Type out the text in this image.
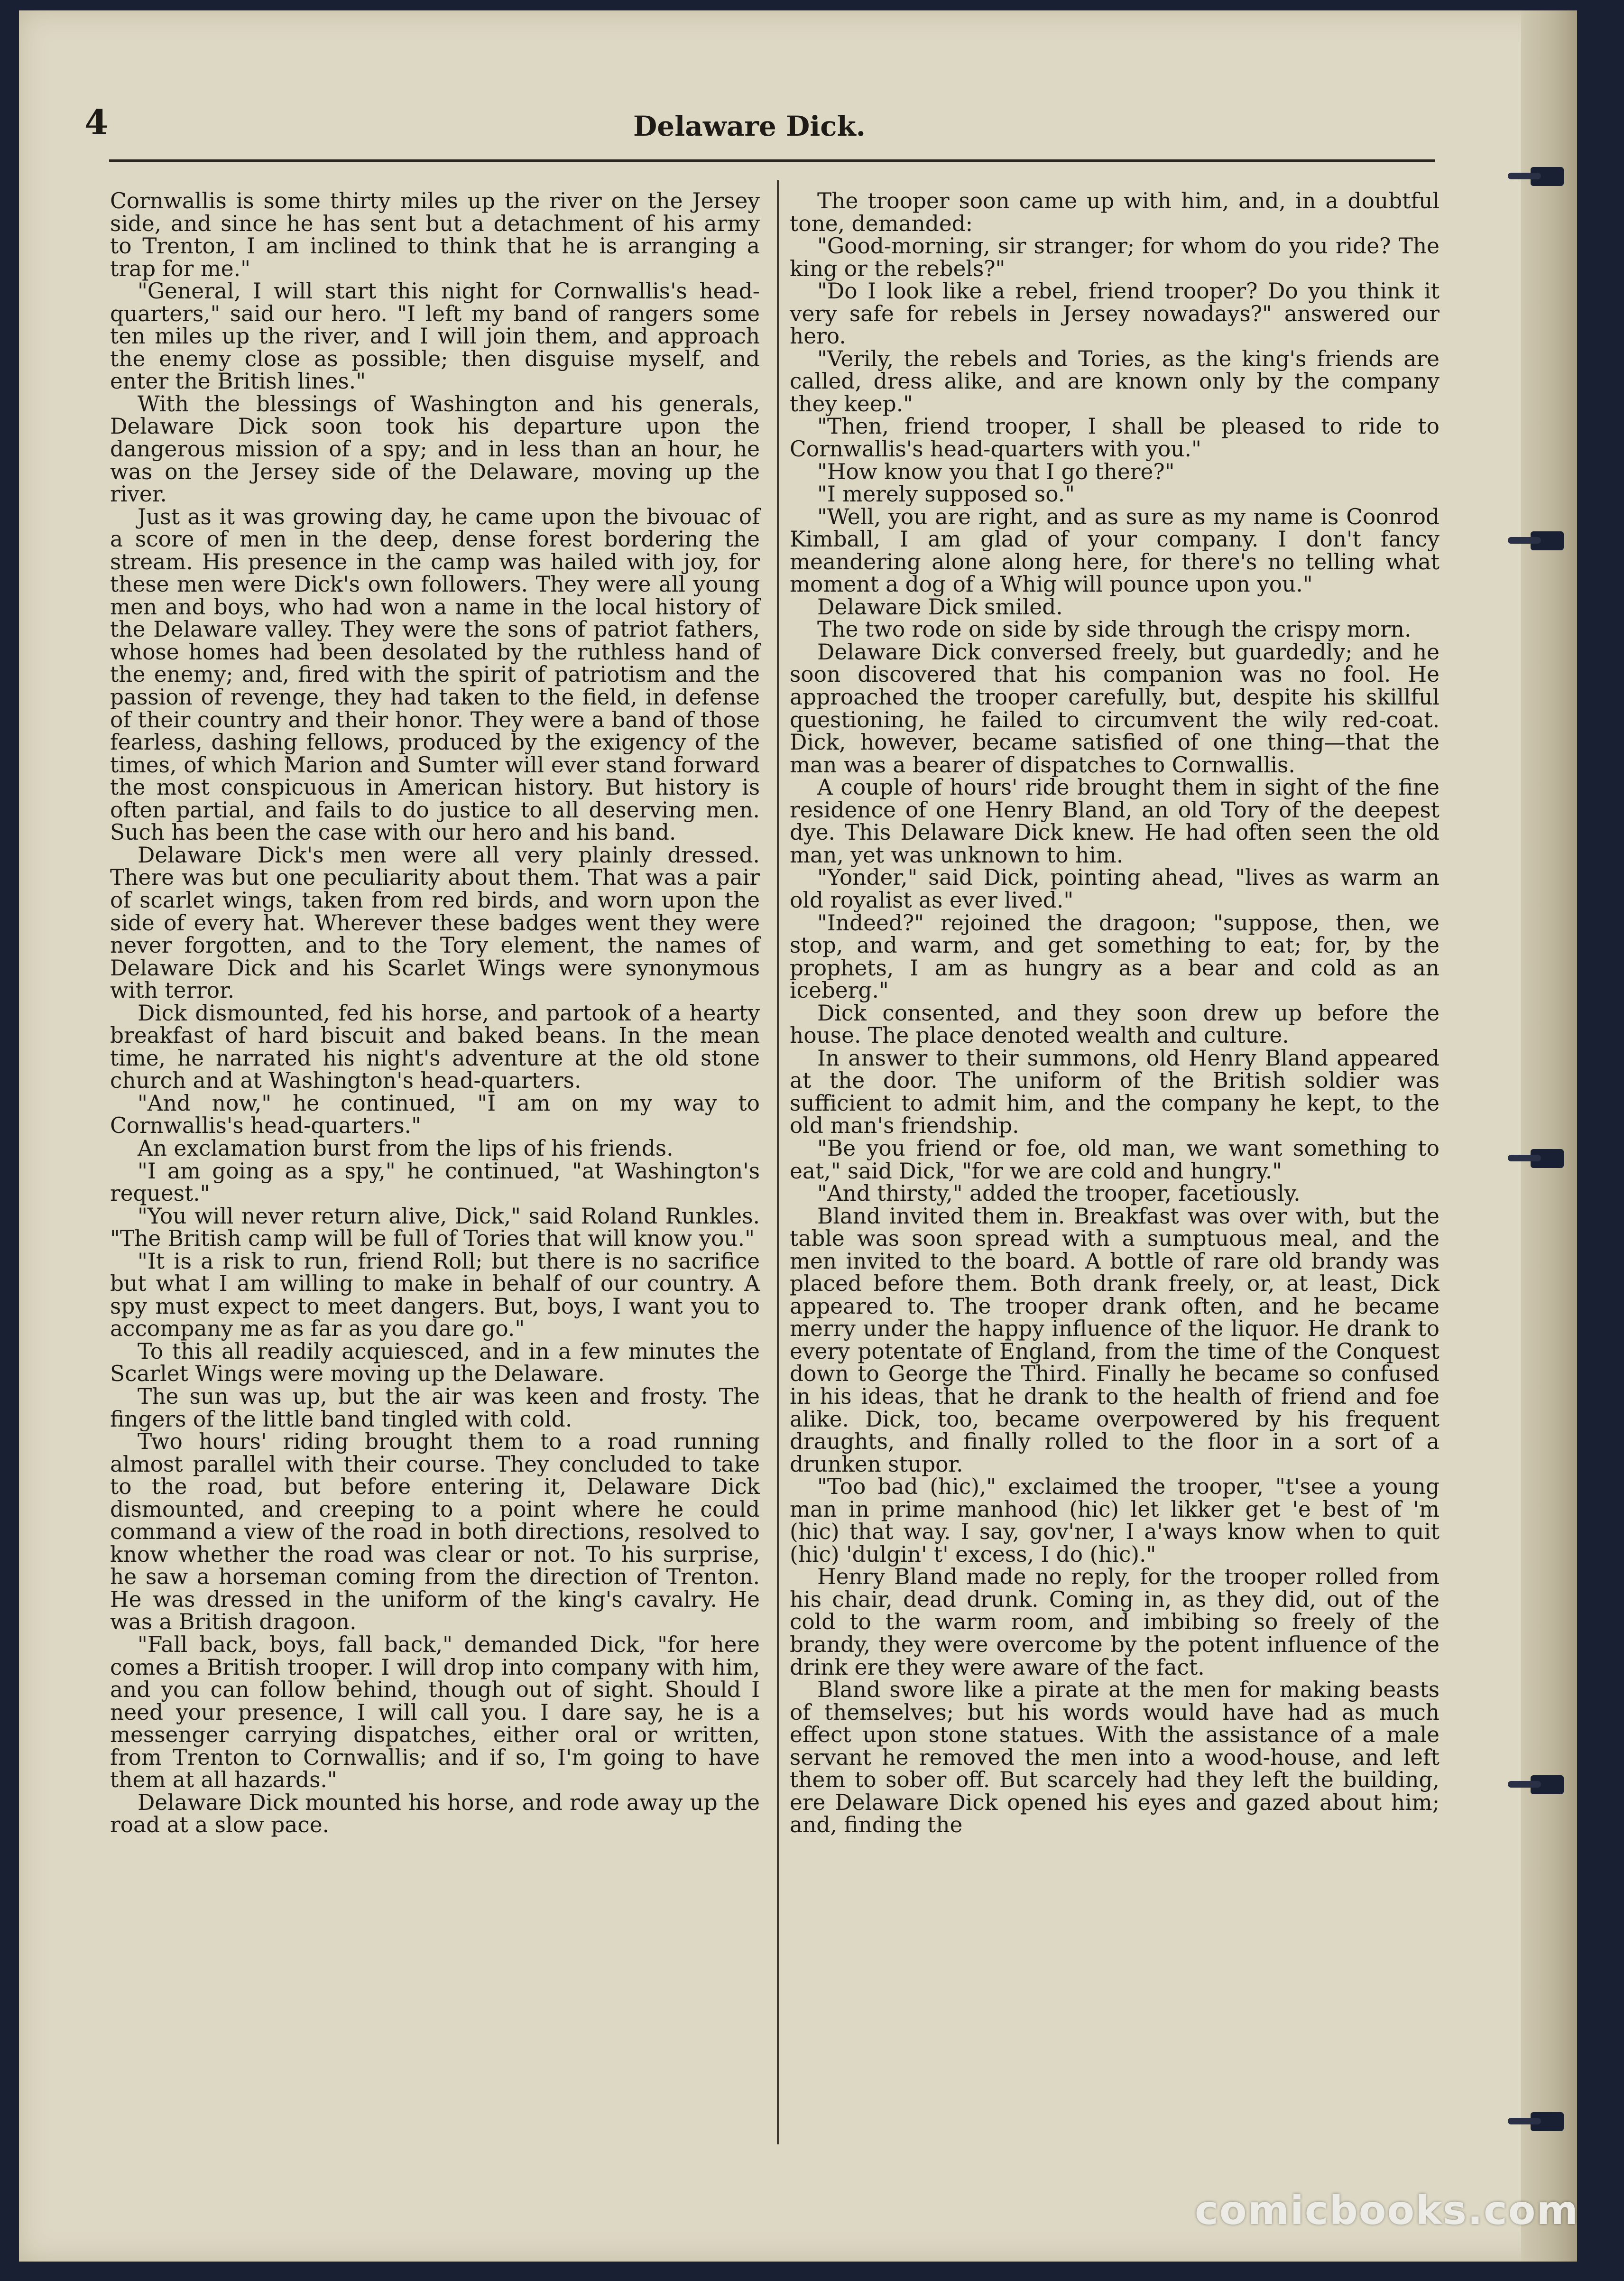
4	Delaware Dick.

Cornwallis is some thirty miles up the river on the Jersey side, and since he has sent but a detachment of his army to Trenton, I am inclined to think that he is arranging a trap for me."

"General, I will start this night for Cornwallis's head-quarters," said our hero. "I left my band of rangers some ten miles up the river, and I will join them, and approach the enemy close as possible; then disguise myself, and enter the British lines."

With the blessings of Washington and his generals, Delaware Dick soon took his departure upon the dangerous mission of a spy; and in less than an hour, he was on the Jersey side of the Delaware, moving up the river.

Just as it was growing day, he came upon the bivouac of a score of men in the deep, dense forest bordering the stream. His presence in the camp was hailed with joy, for these men were Dick's own followers. They were all young men and boys, who had won a name in the local history of the Delaware valley. They were the sons of patriot fathers, whose homes had been desolated by the ruthless hand of the enemy; and, fired with the spirit of patriotism and the passion of revenge, they had taken to the field, in defense of their country and their honor. They were a band of those fearless, dashing fellows, produced by the exigency of the times, of which Marion and Sumter will ever stand forward the most conspicuous in American history. But history is often partial, and fails to do justice to all deserving men. Such has been the case with our hero and his band.

Delaware Dick's men were all very plainly dressed. There was but one peculiarity about them. That was a pair of scarlet wings, taken from red birds, and worn upon the side of every hat. Wherever these badges went they were never forgotten, and to the Tory element, the names of Delaware Dick and his Scarlet Wings were synonymous with terror.

Dick dismounted, fed his horse, and partook of a hearty breakfast of hard biscuit and baked beans. In the mean time, he narrated his night's adventure at the old stone church and at Washington's head-quarters.

"And now," he continued, "I am on my way to Cornwallis's head-quarters."

An exclamation burst from the lips of his friends.

"I am going as a spy," he continued, "at Washington's request."

"You will never return alive, Dick," said Roland Runkles. "The British camp will be full of Tories that will know you."

"It is a risk to run, friend Roll; but there is no sacrifice but what I am willing to make in behalf of our country. A spy must expect to meet dangers. But, boys, I want you to accompany me as far as you dare go."

To this all readily acquiesced, and in a few minutes the Scarlet Wings were moving up the Delaware.

The sun was up, but the air was keen and frosty. The fingers of the little band tingled with cold.

Two hours' riding brought them to a road running almost parallel with their course. They concluded to take to the road, but before entering it, Delaware Dick dismounted, and creeping to a point where he could command a view of the road in both directions, resolved to know whether the road was clear or not. To his surprise, he saw a horseman coming from the direction of Trenton. He was dressed in the uniform of the king's cavalry. He was a British dragoon.

"Fall back, boys, fall back," demanded Dick, "for here comes a British trooper. I will drop into company with him, and you can follow behind, though out of sight. Should I need your presence, I will call you. I dare say, he is a messenger carrying dispatches, either oral or written, from Trenton to Cornwallis; and if so, I'm going to have them at all hazards."

Delaware Dick mounted his horse, and rode away up the road at a slow pace.

The trooper soon came up with him, and, in a doubtful tone, demanded:

"Good-morning, sir stranger; for whom do you ride? The king or the rebels?"

"Do I look like a rebel, friend trooper? Do you think it very safe for rebels in Jersey nowadays?" answered our hero.

"Verily, the rebels and Tories, as the king's friends are called, dress alike, and are known only by the company they keep."

"Then, friend trooper, I shall be pleased to ride to Cornwallis's head-quarters with you."

"How know you that I go there?"

"I merely supposed so."

"Well, you are right, and as sure as my name is Coonrod Kimball, I am glad of your company. I don't fancy meandering alone along here, for there's no telling what moment a dog of a Whig will pounce upon you."

Delaware Dick smiled.

The two rode on side by side through the crispy morn.

Delaware Dick conversed freely, but guardedly; and he soon discovered that his companion was no fool. He approached the trooper carefully, but, despite his skillful questioning, he failed to circumvent the wily red-coat. Dick, however, became satisfied of one thing—that the man was a bearer of dispatches to Cornwallis.

A couple of hours' ride brought them in sight of the fine residence of one Henry Bland, an old Tory of the deepest dye. This Delaware Dick knew. He had often seen the old man, yet was unknown to him.

"Yonder," said Dick, pointing ahead, "lives as warm an old royalist as ever lived."

"Indeed?" rejoined the dragoon; "suppose, then, we stop, and warm, and get something to eat; for, by the prophets, I am as hungry as a bear and cold as an iceberg."

Dick consented, and they soon drew up before the house. The place denoted wealth and culture.

In answer to their summons, old Henry Bland appeared at the door. The uniform of the British soldier was sufficient to admit him, and the company he kept, to the old man's friendship.

"Be you friend or foe, old man, we want something to eat," said Dick, "for we are cold and hungry."

"And thirsty," added the trooper, facetiously.

Bland invited them in. Breakfast was over with, but the table was soon spread with a sumptuous meal, and the men invited to the board. A bottle of rare old brandy was placed before them. Both drank freely, or, at least, Dick appeared to. The trooper drank often, and he became merry under the happy influence of the liquor. He drank to every potentate of England, from the time of the Conquest down to George the Third. Finally he became so confused in his ideas, that he drank to the health of friend and foe alike. Dick, too, became overpowered by his frequent draughts, and finally rolled to the floor in a sort of a drunken stupor.

"Too bad (hic)," exclaimed the trooper, "t'see a young man in prime manhood (hic) let likker get 'e best of 'm (hic) that way. I say, gov'ner, I a'ways know when to quit (hic) 'dulgin' t' excess, I do (hic)."

Henry Bland made no reply, for the trooper rolled from his chair, dead drunk. Coming in, as they did, out of the cold to the warm room, and imbibing so freely of the brandy, they were overcome by the potent influence of the drink ere they were aware of the fact.

Bland swore like a pirate at the men for making beasts of themselves; but his words would have had as much effect upon stone statues. With the assistance of a male servant he removed the men into a wood-house, and left them to sober off. But scarcely had they left the building, ere Delaware Dick opened his eyes and gazed about him; and, finding the

comicbooks.com
